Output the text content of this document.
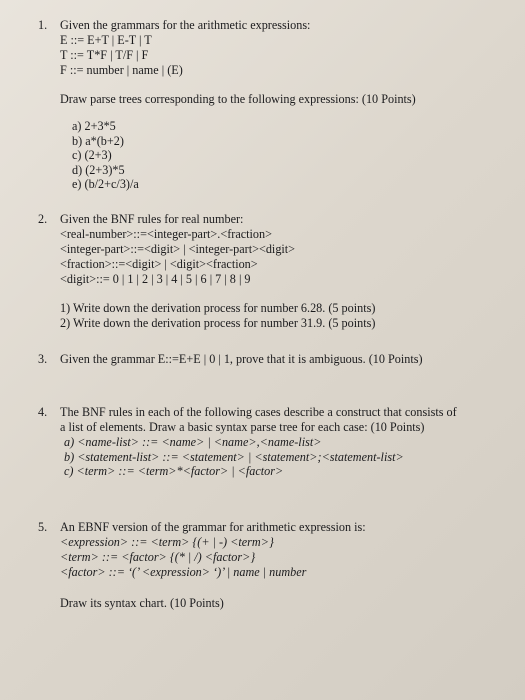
1. Given the grammars for the arithmetic expressions:
E ::= E+T | E-T | T
T ::= T*F | T/F | F
F ::= number | name | (E)
Draw parse trees corresponding to the following expressions: (10 Points)
a) 2+3*5
b) a*(b+2)
c) (2+3)
d) (2+3)*5
e) (b/2+c/3)/a
2. Given the BNF rules for real number:
<real-number>::=<integer-part>.<fraction>
<integer-part>::=<digit> | <integer-part><digit>
<fraction>::=<digit> | <digit><fraction>
<digit>::= 0 | 1 | 2 | 3 | 4 | 5 | 6 | 7 | 8 | 9
1) Write down the derivation process for number 6.28. (5 points)
2) Write down the derivation process for number 31.9. (5 points)
3. Given the grammar E::=E+E | 0 | 1, prove that it is ambiguous. (10 Points)
4. The BNF rules in each of the following cases describe a construct that consists of
a list of elements. Draw a basic syntax parse tree for each case: (10 Points)
a) <name-list> ::= <name> | <name>,<name-list>
b) <statement-list> ::= <statement> | <statement>;<statement-list>
c) <term> ::= <term>*<factor> | <factor>
5. An EBNF version of the grammar for arithmetic expression is:
<expression> ::= <term> {(+ | -) <term>}
<term> ::= <factor> {(* | /) <factor>}
<factor> ::= ‘(’ <expression> ‘)’ | name | number
Draw its syntax chart. (10 Points)
